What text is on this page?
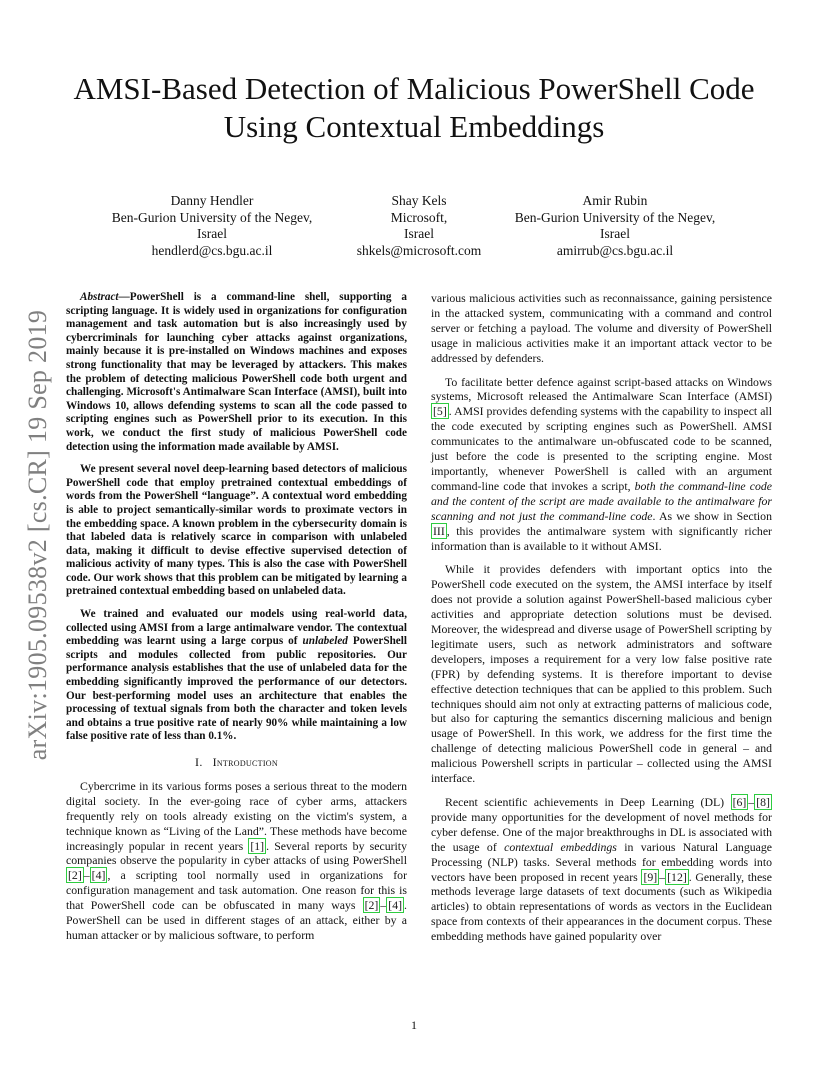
AMSI-Based Detection of Malicious PowerShell Code Using Contextual Embeddings
Danny Hendler
Ben-Gurion University of the Negev,
Israel
hendlerd@cs.bgu.ac.il
Shay Kels
Microsoft,
Israel
shkels@microsoft.com
Amir Rubin
Ben-Gurion University of the Negev,
Israel
amirrub@cs.bgu.ac.il
arXiv:1905.09538v2 [cs.CR] 19 Sep 2019

Abstract—PowerShell is a command-line shell, supporting a scripting language. It is widely used in organizations for configuration management and task automation but is also increasingly used by cybercriminals for launching cyber attacks against organizations, mainly because it is pre-installed on Windows machines and exposes strong functionality that may be leveraged by attackers. This makes the problem of detecting malicious PowerShell code both urgent and challenging. Microsoft's Antimalware Scan Interface (AMSI), built into Windows 10, allows defending systems to scan all the code passed to scripting engines such as PowerShell prior to its execution. In this work, we conduct the first study of malicious PowerShell code detection using the information made available by AMSI.

We present several novel deep-learning based detectors of malicious PowerShell code that employ pretrained contextual embeddings of words from the PowerShell “language”. A contextual word embedding is able to project semantically-similar words to proximate vectors in the embedding space. A known problem in the cybersecurity domain is that labeled data is relatively scarce in comparison with unlabeled data, making it difficult to devise effective supervised detection of malicious activity of many types. This is also the case with PowerShell code. Our work shows that this problem can be mitigated by learning a pretrained contextual embedding based on unlabeled data.

We trained and evaluated our models using real-world data, collected using AMSI from a large antimalware vendor. The contextual embedding was learnt using a large corpus of unlabeled PowerShell scripts and modules collected from public repositories. Our performance analysis establishes that the use of unlabeled data for the embedding significantly improved the performance of our detectors. Our best-performing model uses an architecture that enables the processing of textual signals from both the character and token levels and obtains a true positive rate of nearly 90% while maintaining a low false positive rate of less than 0.1%.

I. Introduction

Cybercrime in its various forms poses a serious threat to the modern digital society. In the ever-going race of cyber arms, attackers frequently rely on tools already existing on the victim's system, a technique known as “Living of the Land”. These methods have become increasingly popular in recent years [1] . Several reports by security companies observe the popularity in cyber attacks of using PowerShell [2] – [4] , a scripting tool normally used in organizations for configuration management and task automation. One reason for this is that PowerShell code can be obfuscated in many ways [2] – [4] . PowerShell can be used in different stages of an attack, either by a human attacker or by malicious software, to perform

various malicious activities such as reconnaissance, gaining persistence in the attacked system, communicating with a command and control server or fetching a payload. The volume and diversity of PowerShell usage in malicious activities make it an important attack vector to be addressed by defenders.

To facilitate better defence against script-based attacks on Windows systems, Microsoft released the Antimalware Scan Interface (AMSI) [5] . AMSI provides defending systems with the capability to inspect all the code executed by scripting engines such as PowerShell. AMSI communicates to the antimalware un-obfuscated code to be scanned, just before the code is presented to the scripting engine. Most importantly, whenever PowerShell is called with an argument command-line code that invokes a script, both the command-line code and the content of the script are made available to the antimalware for scanning and not just the command-line code. As we show in Section III , this provides the antimalware system with significantly richer information than is available to it without AMSI.

While it provides defenders with important optics into the PowerShell code executed on the system, the AMSI interface by itself does not provide a solution against PowerShell-based malicious cyber activities and appropriate detection solutions must be devised. Moreover, the widespread and diverse usage of PowerShell scripting by legitimate users, such as network administrators and software developers, imposes a requirement for a very low false positive rate (FPR) by defending systems. It is therefore important to devise effective detection techniques that can be applied to this problem. Such techniques should aim not only at extracting patterns of malicious code, but also for capturing the semantics discerning malicious and benign usage of PowerShell. In this work, we address for the first time the challenge of detecting malicious PowerShell code in general – and malicious Powershell scripts in particular – collected using the AMSI interface.

Recent scientific achievements in Deep Learning (DL) [6] – [8] provide many opportunities for the development of novel methods for cyber defense. One of the major breakthroughs in DL is associated with the usage of contextual embeddings in various Natural Language Processing (NLP) tasks. Several methods for embedding words into vectors have been proposed in recent years [9] – [12] . Generally, these methods leverage large datasets of text documents (such as Wikipedia articles) to obtain representations of words as vectors in the Euclidean space from contexts of their appearances in the document corpus. These embedding methods have gained popularity over

1
